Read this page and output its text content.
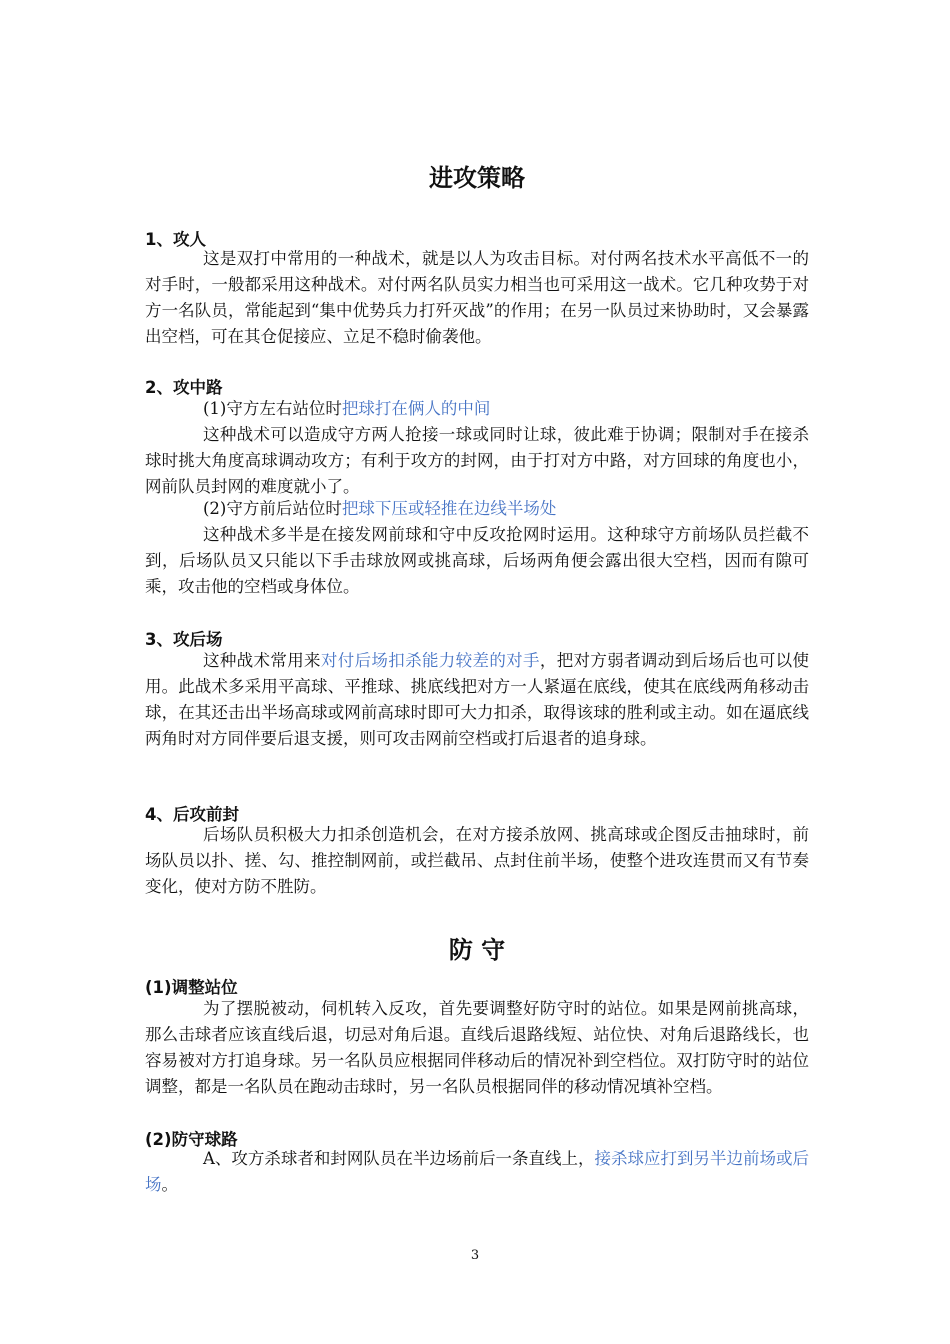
进攻策略
1、攻人

这是双打中常用的一种战术，就是以人为攻击目标。对付两名技术水平高低不一的对手时，一般都采用这种战术。对付两名队员实力相当也可采用这一战术。它几种攻势于对方一名队员，常能起到“集中优势兵力打歼灭战”的作用；在另一队员过来协助时，又会暴露出空档，可在其仓促接应、立足不稳时偷袭他。

2、攻中路

(1)守方左右站位时把球打在俩人的中间

这种战术可以造成守方两人抢接一球或同时让球，彼此难于协调；限制对手在接杀球时挑大角度高球调动攻方；有利于攻方的封网，由于打对方中路，对方回球的角度也小，网前队员封网的难度就小了。

(2)守方前后站位时把球下压或轻推在边线半场处

这种战术多半是在接发网前球和守中反攻抢网时运用。这种球守方前场队员拦截不到，后场队员又只能以下手击球放网或挑高球，后场两角便会露出很大空档，因而有隙可乘，攻击他的空档或身体位。

3、攻后场

这种战术常用来对付后场扣杀能力较差的对手，把对方弱者调动到后场后也可以使用。此战术多采用平高球、平推球、挑底线把对方一人紧逼在底线，使其在底线两角移动击球，在其还击出半场高球或网前高球时即可大力扣杀，取得该球的胜利或主动。如在逼底线两角时对方同伴要后退支援，则可攻击网前空档或打后退者的追身球。

4、后攻前封

后场队员积极大力扣杀创造机会，在对方接杀放网、挑高球或企图反击抽球时，前场队员以扑、搓、勾、推控制网前，或拦截吊、点封住前半场，使整个进攻连贯而又有节奏变化，使对方防不胜防。

防 守
(1)调整站位

为了摆脱被动，伺机转入反攻，首先要调整好防守时的站位。如果是网前挑高球，那么击球者应该直线后退，切忌对角后退。直线后退路线短、站位快、对角后退路线长，也容易被对方打追身球。另一名队员应根据同伴移动后的情况补到空档位。双打防守时的站位调整，都是一名队员在跑动击球时，另一名队员根据同伴的移动情况填补空档。

(2)防守球路

A、攻方杀球者和封网队员在半边场前后一条直线上，接杀球应打到另半边前场或后场。

3
